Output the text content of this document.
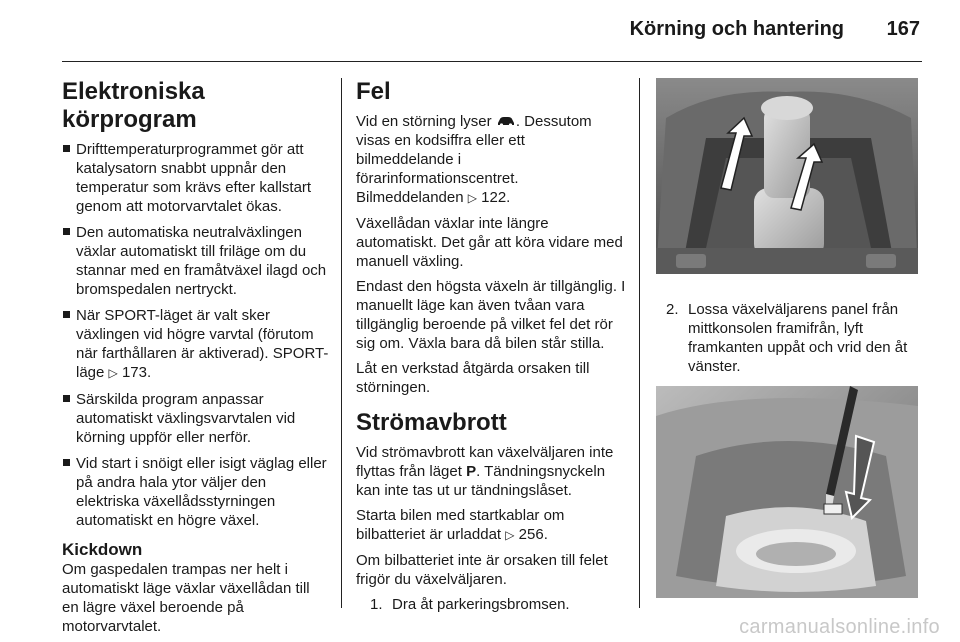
Körning och hantering 167
Elektroniska körprogram
Drifttemperaturprogrammet gör att katalysatorn snabbt uppnår den temperatur som krävs efter kallstart genom att motorvarvtalet ökas.
Den automatiska neutralväxlingen växlar automatiskt till friläge om du stannar med en framåtväxel ilagd och bromspedalen nertryckt.
När SPORT-läget är valt sker växlingen vid högre varvtal (förutom när farthållaren är aktiverad). SPORT-läge ▷ 173.
Särskilda program anpassar automatiskt växlingsvarvtalen vid körning uppför eller nerför.
Vid start i snöigt eller isigt väglag eller på andra hala ytor väljer den elektriska växellådsstyrningen automatiskt en högre växel.
Kickdown
Om gaspedalen trampas ner helt i automatiskt läge växlar växellådan till en lägre växel beroende på motorvarvtalet.
Fel
Vid en störning lyser . Dessutom visas en kodsiffra eller ett bilmeddelande i förarinformationscentret. Bilmeddelanden ▷ 122.
Växellådan växlar inte längre automatiskt. Det går att köra vidare med manuell växling.
Endast den högsta växeln är tillgänglig. I manuellt läge kan även tvåan vara tillgänglig beroende på vilket fel det rör sig om. Växla bara då bilen står stilla.
Låt en verkstad åtgärda orsaken till störningen.
Strömavbrott
Vid strömavbrott kan växelväljaren inte flyttas från läget P. Tändningsnyckeln kan inte tas ut ur tändningslåset.
Starta bilen med startkablar om bilbatteriet är urladdat ▷ 256.
Om bilbatteriet inte är orsaken till felet frigör du växelväljaren.
1. Dra åt parkeringsbromsen.
2. Lossa växelväljarens panel från mittkonsolen framifrån, lyft framkanten uppåt och vrid den åt vänster.
carmanualsonline.info
